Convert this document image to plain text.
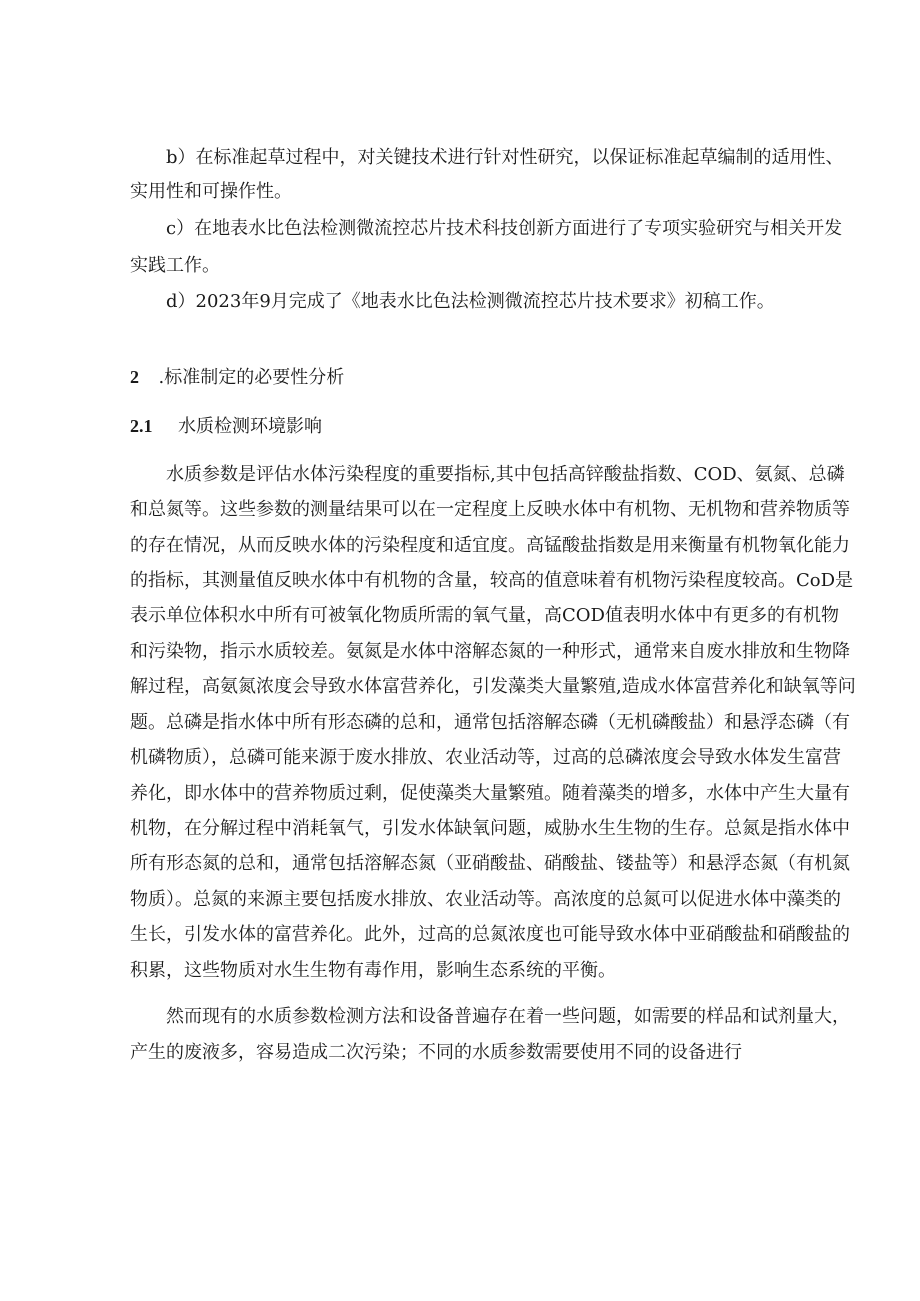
b）在标准起草过程中，对关键技术进行针对性研究，以保证标准起草编制的适用性、
实用性和可操作性。
c）在地表水比色法检测微流控芯片技术科技创新方面进行了专项实验研究与相关开发
实践工作。
d）2023年9月完成了《地表水比色法检测微流控芯片技术要求》初稿工作。
2 .标准制定的必要性分析
2.1 水质检测环境影响
水质参数是评估水体污染程度的重要指标,其中包括高锌酸盐指数、COD、氨氮、总磷
和总氮等。这些参数的测量结果可以在一定程度上反映水体中有机物、无机物和营养物质等
的存在情况，从而反映水体的污染程度和适宜度。高锰酸盐指数是用来衡量有机物氧化能力
的指标，其测量值反映水体中有机物的含量，较高的值意味着有机物污染程度较高。CoD是
表示单位体积水中所有可被氧化物质所需的氧气量，高COD值表明水体中有更多的有机物
和污染物，指示水质较差。氨氮是水体中溶解态氮的一种形式，通常来自废水排放和生物降
解过程，高氨氮浓度会导致水体富营养化，引发藻类大量繁殖,造成水体富营养化和缺氧等问
题。总磷是指水体中所有形态磷的总和，通常包括溶解态磷（无机磷酸盐）和悬浮态磷（有
机磷物质），总磷可能来源于废水排放、农业活动等，过高的总磷浓度会导致水体发生富营
养化，即水体中的营养物质过剩，促使藻类大量繁殖。随着藻类的增多，水体中产生大量有
机物，在分解过程中消耗氧气，引发水体缺氧问题，威胁水生生物的生存。总氮是指水体中
所有形态氮的总和，通常包括溶解态氮（亚硝酸盐、硝酸盐、镂盐等）和悬浮态氮（有机氮
物质）。总氮的来源主要包括废水排放、农业活动等。高浓度的总氮可以促进水体中藻类的
生长，引发水体的富营养化。此外，过高的总氮浓度也可能导致水体中亚硝酸盐和硝酸盐的
积累，这些物质对水生生物有毒作用，影响生态系统的平衡。
然而现有的水质参数检测方法和设备普遍存在着一些问题，如需要的样品和试剂量大，
产生的废液多，容易造成二次污染；不同的水质参数需要使用不同的设备进行
